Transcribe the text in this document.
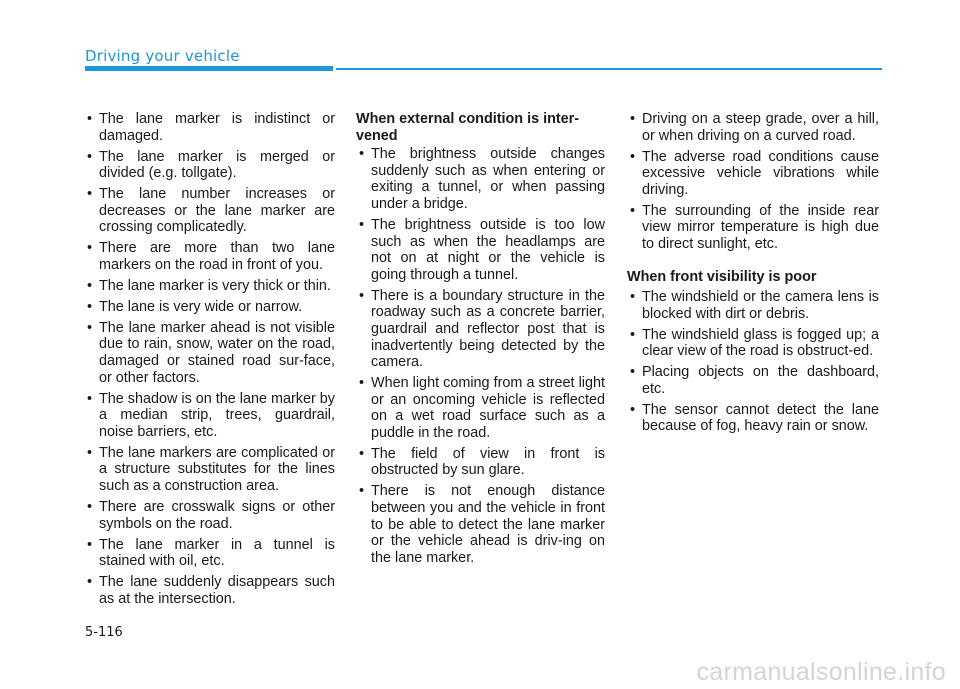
Driving your vehicle
• The lane marker is indistinct or damaged.
• The lane marker is merged or divided (e.g. tollgate).
• The lane number increases or decreases or the lane marker are crossing complicatedly.
• There are more than two lane markers on the road in front of you.
• The lane marker is very thick or thin.
• The lane is very wide or narrow.
• The lane marker ahead is not visible due to rain, snow, water on the road, damaged or stained road sur-face, or other factors.
• The shadow is on the lane marker by a median strip, trees, guardrail, noise barriers, etc.
• The lane markers are complicated or a structure substitutes for the lines such as a construction area.
• There are crosswalk signs or other symbols on the road.
• The lane marker in a tunnel is stained with oil, etc.
• The lane suddenly disappears such as at the intersection.
When external condition is inter-vened
• The brightness outside changes suddenly such as when entering or exiting a tunnel, or when passing under a bridge.
• The brightness outside is too low such as when the headlamps are not on at night or the vehicle is going through a tunnel.
• There is a boundary structure in the roadway such as a concrete barrier, guardrail and reflector post that is inadvertently being detected by the camera.
• When light coming from a street light or an oncoming vehicle is reflected on a wet road surface such as a puddle in the road.
• The field of view in front is obstructed by sun glare.
• There is not enough distance between you and the vehicle in front to be able to detect the lane marker or the vehicle ahead is driv-ing on the lane marker.
• Driving on a steep grade, over a hill, or when driving on a curved road.
• The adverse road conditions cause excessive vehicle vibrations while driving.
• The surrounding of the inside rear view mirror temperature is high due to direct sunlight, etc.
When front visibility is poor
• The windshield or the camera lens is blocked with dirt or debris.
• The windshield glass is fogged up; a clear view of the road is obstruct-ed.
• Placing objects on the dashboard, etc.
• The sensor cannot detect the lane because of fog, heavy rain or snow.
5-116
carmanualsonline.info
